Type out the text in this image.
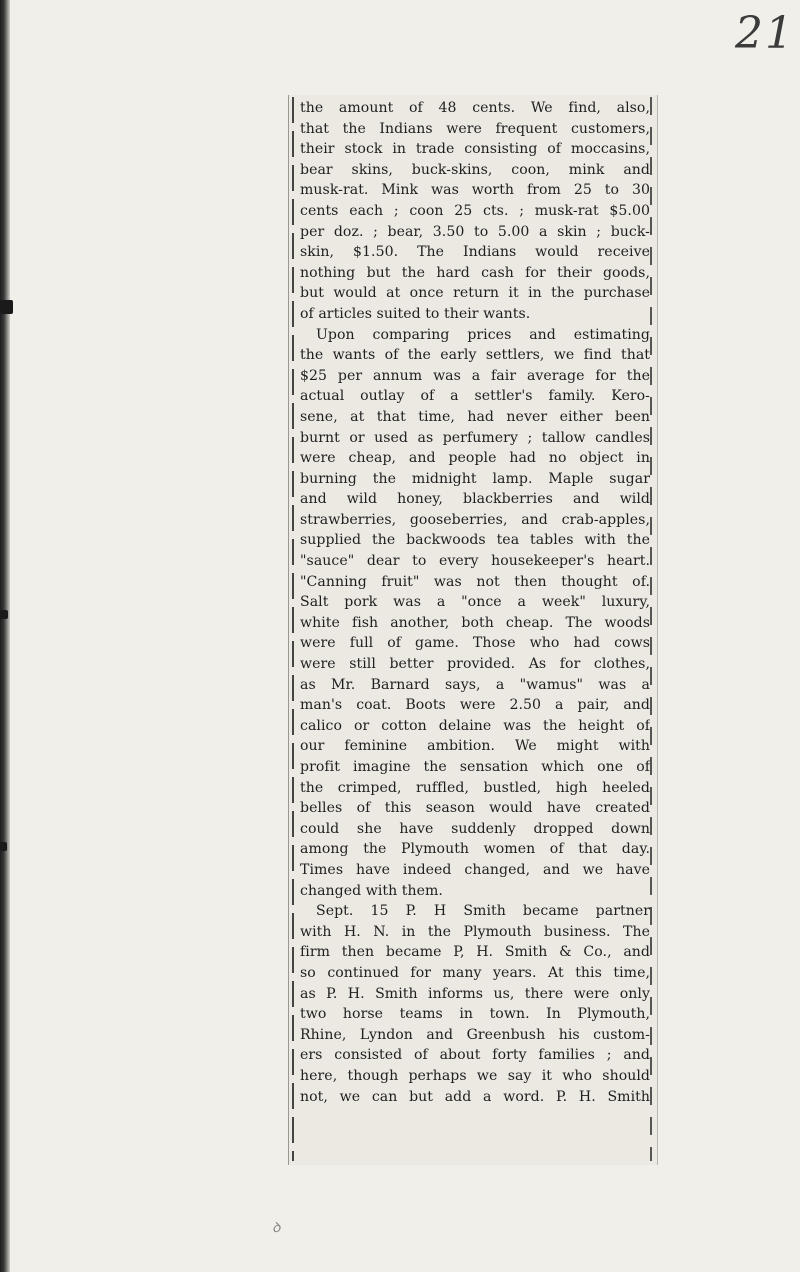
21

the amount of 48 cents. We find, also,

that the Indians were frequent customers,

their stock in trade consisting of moccasins,

bear skins, buck-skins, coon, mink and

musk-rat. Mink was worth from 25 to 30

cents each ; coon 25 cts. ; musk-rat $5.00

per doz. ; bear, 3.50 to 5.00 a skin ; buck-

skin, $1.50. The Indians would receive

nothing but the hard cash for their goods,

but would at once return it in the purchase

of articles suited to their wants.

Upon comparing prices and estimating

the wants of the early settlers, we find that

$25 per annum was a fair average for the

actual outlay of a settler's family. Kero-

sene, at that time, had never either been

burnt or used as perfumery ; tallow candles

were cheap, and people had no object in

burning the midnight lamp. Maple sugar

and wild honey, blackberries and wild

strawberries, gooseberries, and crab-apples,

supplied the backwoods tea tables with the

"sauce" dear to every housekeeper's heart.

"Canning fruit" was not then thought of.

Salt pork was a "once a week" luxury,

white fish another, both cheap. The woods

were full of game. Those who had cows

were still better provided. As for clothes,

as Mr. Barnard says, a "wamus" was a

man's coat. Boots were 2.50 a pair, and

calico or cotton delaine was the height of

our feminine ambition. We might with

profit imagine the sensation which one of

the crimped, ruffled, bustled, high heeled

belles of this season would have created

could she have suddenly dropped down

among the Plymouth women of that day.

Times have indeed changed, and we have

changed with them.

Sept. 15 P. H Smith became partner

with H. N. in the Plymouth business. The

firm then became P, H. Smith & Co., and

so continued for many years. At this time,

as P. H. Smith informs us, there were only

two horse teams in town. In Plymouth,

Rhine, Lyndon and Greenbush his custom-

ers consisted of about forty families ; and

here, though perhaps we say it who should

not, we can but add a word. P. H. Smith

ꝺ
